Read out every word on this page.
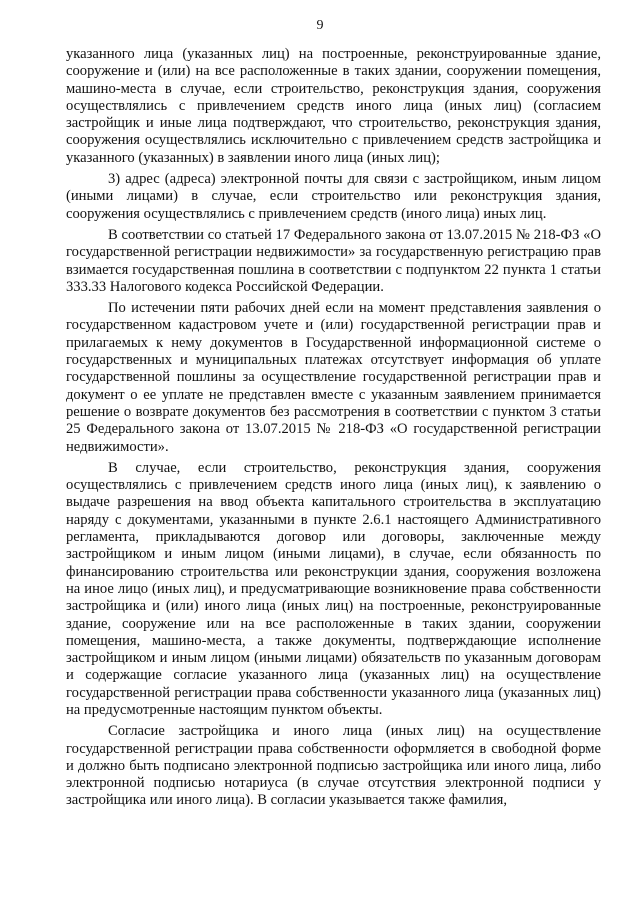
9

указанного лица (указанных лиц) на построенные, реконструированные здание, сооружение и (или) на все расположенные в таких здании, сооружении помещения, машино-места в случае, если строительство, реконструкция здания, сооружения осуществлялись с привлечением средств иного лица (иных лиц) (согласием застройщик и иные лица подтверждают, что строительство, реконструкция здания, сооружения осуществлялись исключительно с привлечением средств застройщика и указанного (указанных) в заявлении иного лица (иных лиц);

3) адрес (адреса) электронной почты для связи с застройщиком, иным лицом (иными лицами) в случае, если строительство или реконструкция здания, сооружения осуществлялись с привлечением средств (иного лица) иных лиц.

В соответствии со статьей 17 Федерального закона от 13.07.2015 № 218-ФЗ «О государственной регистрации недвижимости» за государственную регистрацию прав взимается государственная пошлина в соответствии с подпунктом 22 пункта 1 статьи 333.33 Налогового кодекса Российской Федерации.

По истечении пяти рабочих дней если на момент представления заявления о государственном кадастровом учете и (или) государственной регистрации прав и прилагаемых к нему документов в Государственной информационной системе о государственных и муниципальных платежах отсутствует информация об уплате государственной пошлины за осуществление государственной регистрации прав и документ о ее уплате не представлен вместе с указанным заявлением принимается решение о возврате документов без рассмотрения в соответствии с пунктом 3 статьи 25 Федерального закона от 13.07.2015 № 218-ФЗ «О государственной регистрации недвижимости».

В случае, если строительство, реконструкция здания, сооружения осуществлялись с привлечением средств иного лица (иных лиц), к заявлению о выдаче разрешения на ввод объекта капитального строительства в эксплуатацию наряду с документами, указанными в пункте 2.6.1 настоящего Административного регламента, прикладываются договор или договоры, заключенные между застройщиком и иным лицом (иными лицами), в случае, если обязанность по финансированию строительства или реконструкции здания, сооружения возложена на иное лицо (иных лиц), и предусматривающие возникновение права собственности застройщика и (или) иного лица (иных лиц) на построенные, реконструированные здание, сооружение или на все расположенные в таких здании, сооружении помещения, машино-места, а также документы, подтверждающие исполнение застройщиком и иным лицом (иными лицами) обязательств по указанным договорам и содержащие согласие указанного лица (указанных лиц) на осуществление государственной регистрации права собственности указанного лица (указанных лиц) на предусмотренные настоящим пунктом объекты.

Согласие застройщика и иного лица (иных лиц) на осуществление государственной регистрации права собственности оформляется в свободной форме и должно быть подписано электронной подписью застройщика или иного лица, либо электронной подписью нотариуса (в случае отсутствия электронной подписи у застройщика или иного лица). В согласии указывается также фамилия,
